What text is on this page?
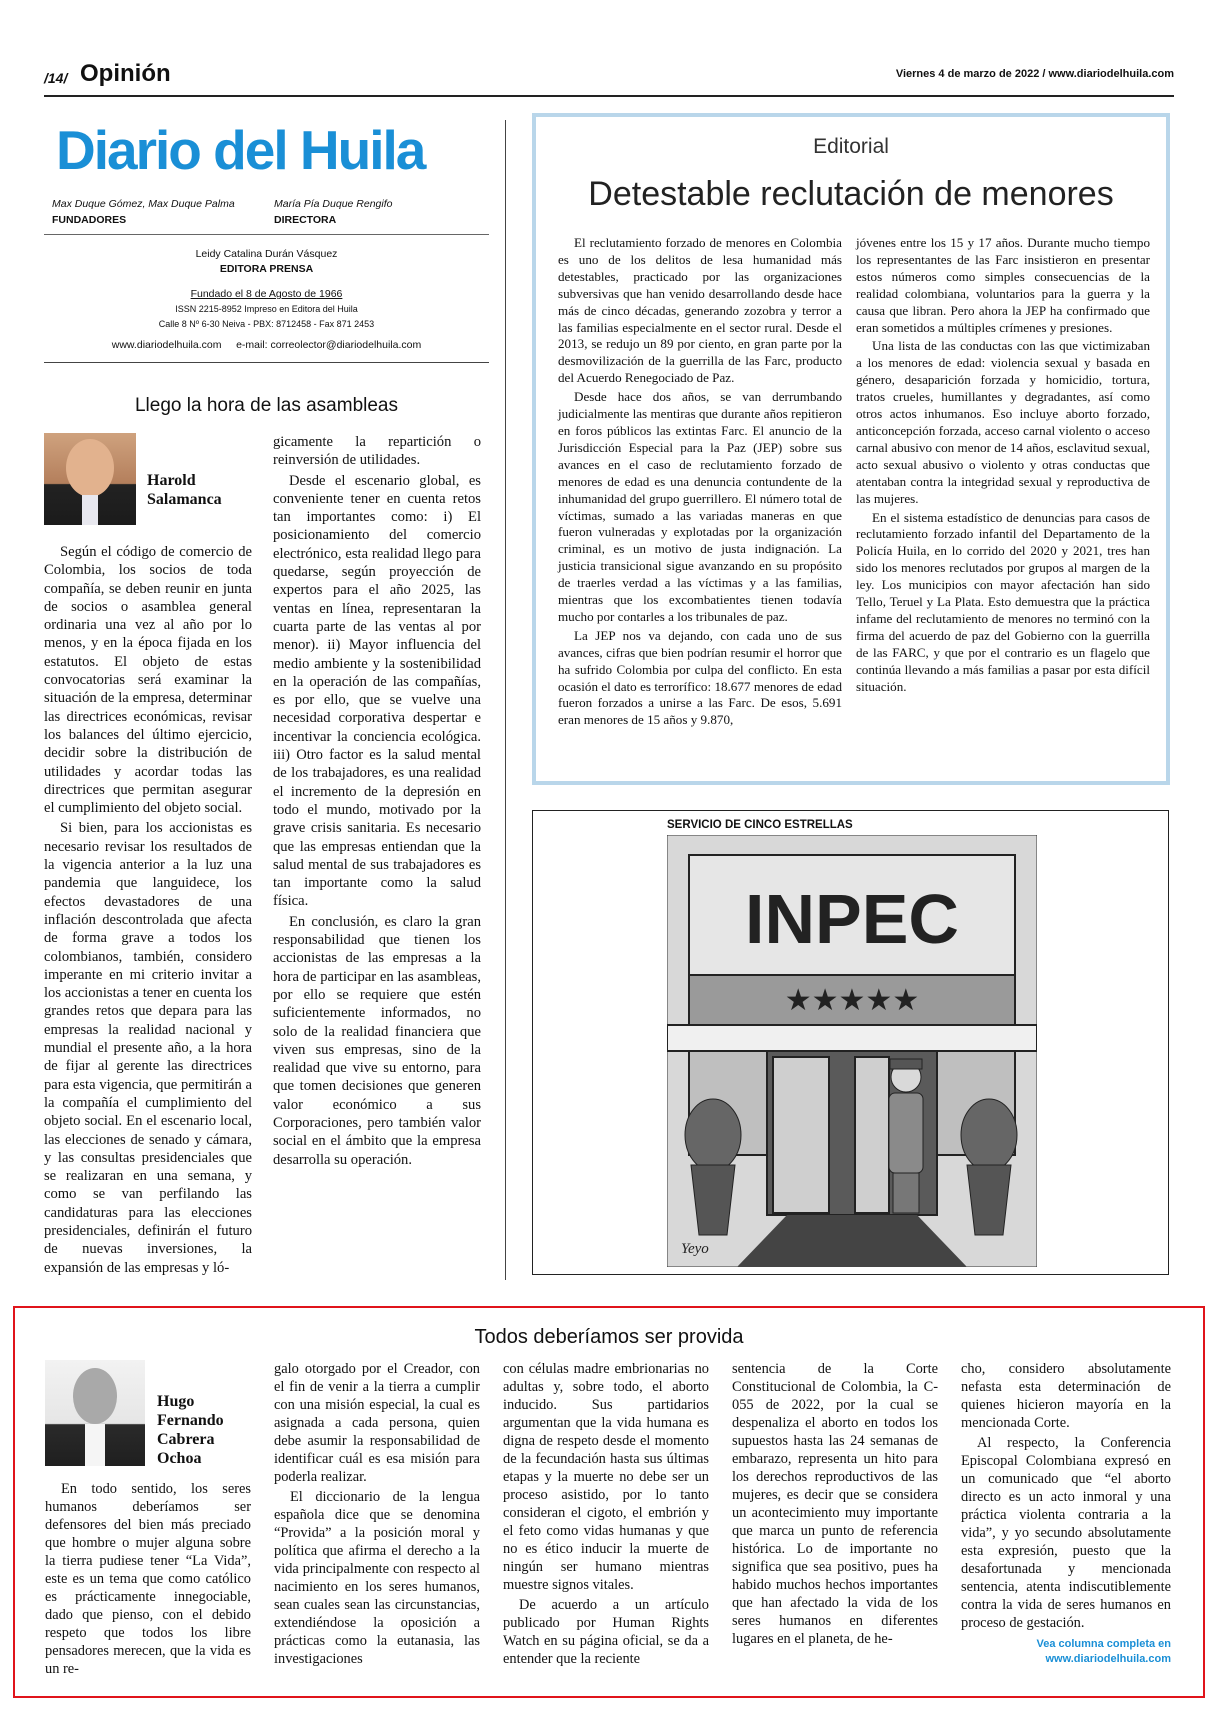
/14/ Opinión	Viernes 4 de marzo de 2022 / www.diariodelhuila.com
Diario del Huila
Max Duque Gómez, Max Duque Palma
FUNDADORES
María Pía Duque Rengifo
DIRECTORA
Leidy Catalina Durán Vásquez
EDITORA PRENSA
Fundado el 8 de Agosto de 1966
ISSN 2215-8952 Impreso en Editora del Huila
Calle 8 Nº 6-30 Neiva - PBX: 8712458 - Fax 871 2453
www.diariodelhuila.com     e-mail: correolector@diariodelhuila.com
Editorial
Detestable reclutación de menores

El reclutamiento forzado de menores en Colombia es uno de los delitos de lesa humanidad más detestables, practicado por las organizaciones subversivas que han venido desarrollando desde hace más de cinco décadas, generando zozobra y terror a las familias especialmente en el sector rural. Desde el 2013, se redujo un 89 por ciento, en gran parte por la desmovilización de la guerrilla de las Farc, producto del Acuerdo Renegociado de Paz.

Desde hace dos años, se van derrumbando judicialmente las mentiras que durante años repitieron en foros públicos las extintas Farc. El anuncio de la Jurisdicción Especial para la Paz (JEP) sobre sus avances en el caso de reclutamiento forzado de menores de edad es una denuncia contundente de la inhumanidad del grupo guerrillero. El número total de víctimas, sumado a las variadas maneras en que fueron vulneradas y explotadas por la organización criminal, es un motivo de justa indignación. La justicia transicional sigue avanzando en su propósito de traerles verdad a las víctimas y a las familias, mientras que los excombatientes tienen todavía mucho por contarles a los tribunales de paz.

La JEP nos va dejando, con cada uno de sus avances, cifras que bien podrían resumir el horror que ha sufrido Colombia por culpa del conflicto. En esta ocasión el dato es terrorífico: 18.677 menores de edad fueron forzados a unirse a las Farc. De esos, 5.691 eran menores de 15 años y 9.870,

jóvenes entre los 15 y 17 años. Durante mucho tiempo los representantes de las Farc insistieron en presentar estos números como simples consecuencias de la realidad colombiana, voluntarios para la guerra y la causa que libran. Pero ahora la JEP ha confirmado que eran sometidos a múltiples crímenes y presiones.

Una lista de las conductas con las que victimizaban a los menores de edad: violencia sexual y basada en género, desaparición forzada y homicidio, tortura, tratos crueles, humillantes y degradantes, así como otros actos inhumanos. Eso incluye aborto forzado, anticoncepción forzada, acceso carnal violento o acceso carnal abusivo con menor de 14 años, esclavitud sexual, acto sexual abusivo o violento y otras conductas que atentaban contra la integridad sexual y reproductiva de las mujeres.

En el sistema estadístico de denuncias para casos de reclutamiento forzado infantil del Departamento de la Policía Huila, en lo corrido del 2020 y 2021, tres han sido los menores reclutados por grupos al margen de la ley. Los municipios con mayor afectación han sido Tello, Teruel y La Plata. Esto demuestra que la práctica infame del reclutamiento de menores no terminó con la firma del acuerdo de paz del Gobierno con la guerrilla de las FARC, y que por el contrario es un flagelo que continúa llevando a más familias a pasar por esta difícil situación.

Llego la hora de las asambleas
Harold Salamanca

Según el código de comercio de Colombia, los socios de toda compañía, se deben reunir en junta de socios o asamblea general ordinaria una vez al año por lo menos, y en la época fijada en los estatutos. El objeto de estas convocatorias será examinar la situación de la empresa, determinar las directrices económicas, revisar los balances del último ejercicio, decidir sobre la distribución de utilidades y acordar todas las directrices que permitan asegurar el cumplimiento del objeto social.

Si bien, para los accionistas es necesario revisar los resultados de la vigencia anterior a la luz una pandemia que languidece, los efectos devastadores de una inflación descontrolada que afecta de forma grave a todos los colombianos, también, considero imperante en mi criterio invitar a los accionistas a tener en cuenta los grandes retos que depara para las empresas la realidad nacional y mundial el presente año, a la hora de fijar al gerente las directrices para esta vigencia, que permitirán a la compañía el cumplimiento del objeto social. En el escenario local, las elecciones de senado y cámara, y las consultas presidenciales que se realizaran en una semana, y como se van perfilando las candidaturas para las elecciones presidenciales, definirán el futuro de nuevas inversiones, la expansión de las empresas y ló-

gicamente la repartición o reinversión de utilidades.

Desde el escenario global, es conveniente tener en cuenta retos tan importantes como: i) El posicionamiento del comercio electrónico, esta realidad llego para quedarse, según proyección de expertos para el año 2025, las ventas en línea, representaran la cuarta parte de las ventas al por menor). ii) Mayor influencia del medio ambiente y la sostenibilidad en la operación de las compañías, es por ello, que se vuelve una necesidad corporativa despertar e incentivar la conciencia ecológica. iii) Otro factor es la salud mental de los trabajadores, es una realidad el incremento de la depresión en todo el mundo, motivado por la grave crisis sanitaria. Es necesario que las empresas entiendan que la salud mental de sus trabajadores es tan importante como la salud física.

En conclusión, es claro la gran responsabilidad que tienen los accionistas de las empresas a la hora de participar en las asambleas, por ello se requiere que estén suficientemente informados, no solo de la realidad financiera que viven sus empresas, sino de la realidad que vive su entorno, para que tomen decisiones que generen valor económico a sus Corporaciones, pero también valor social en el ámbito que la empresa desarrolla su operación.

SERVICIO DE CINCO ESTRELLAS
INPEC
★★★★★
Yeyo
Todos deberíamos ser provida
Hugo Fernando Cabrera Ochoa

En todo sentido, los seres humanos deberíamos ser defensores del bien más preciado que hombre o mujer alguna sobre la tierra pudiese tener “La Vida”, este es un tema que como católico es prácticamente innegociable, dado que pienso, con el debido respeto que todos los libre pensadores merecen, que la vida es un re-

galo otorgado por el Creador, con el fin de venir a la tierra a cumplir con una misión especial, la cual es asignada a cada persona, quien debe asumir la responsabilidad de identificar cuál es esa misión para poderla realizar.

El diccionario de la lengua española dice que se denomina “Provida” a la posición moral y política que afirma el derecho a la vida principalmente con respecto al nacimiento en los seres humanos, sean cuales sean las circunstancias, extendiéndose la oposición a prácticas como la eutanasia, las investigaciones

con células madre embrionarias no adultas y, sobre todo, el aborto inducido. Sus partidarios argumentan que la vida humana es digna de respeto desde el momento de la fecundación hasta sus últimas etapas y la muerte no debe ser un proceso asistido, por lo tanto consideran el cigoto, el embrión y el feto como vidas humanas y que no es ético inducir la muerte de ningún ser humano mientras muestre signos vitales.

De acuerdo a un artículo publicado por Human Rights Watch en su página oficial, se da a entender que la reciente

sentencia de la Corte Constitucional de Colombia, la C-055 de 2022, por la cual se despenaliza el aborto en todos los supuestos hasta las 24 semanas de embarazo, representa un hito para los derechos reproductivos de las mujeres, es decir que se considera un acontecimiento muy importante que marca un punto de referencia histórica. Lo de importante no significa que sea positivo, pues ha habido muchos hechos importantes que han afectado la vida de los seres humanos en diferentes lugares en el planeta, de he-

cho, considero absolutamente nefasta esta determinación de quienes hicieron mayoría en la mencionada Corte.

Al respecto, la Conferencia Episcopal Colombiana expresó en un comunicado que “el aborto directo es un acto inmoral y una práctica violenta contraria a la vida”, y yo secundo absolutamente esta expresión, puesto que la desafortunada y mencionada sentencia, atenta indiscutiblemente contra la vida de seres humanos en proceso de gestación.

Vea columna completa en
www.diariodelhuila.com
